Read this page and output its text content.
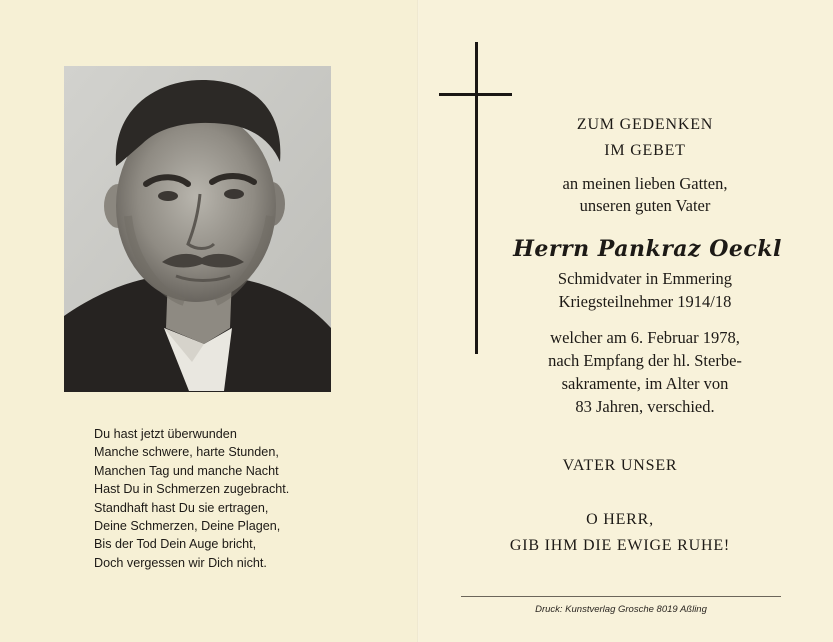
Du hast jetzt überwunden
Manche schwere, harte Stunden,
Manchen Tag und manche Nacht
Hast Du in Schmerzen zugebracht.
Standhaft hast Du sie ertragen,
Deine Schmerzen, Deine Plagen,
Bis der Tod Dein Auge bricht,
Doch vergessen wir Dich nicht.
ZUM GEDENKEN
IM GEBET
an meinen lieben Gatten,
unseren guten Vater
Herrn Pankraz Oeckl
Schmidvater in Emmering
Kriegsteilnehmer 1914/18
welcher am 6. Februar 1978,
nach Empfang der hl. Sterbe-
sakramente, im Alter von
83 Jahren, verschied.
VATER UNSER
O HERR,
GIB IHM DIE EWIGE RUHE!
Druck: Kunstverlag Grosche 8019 Aßling
